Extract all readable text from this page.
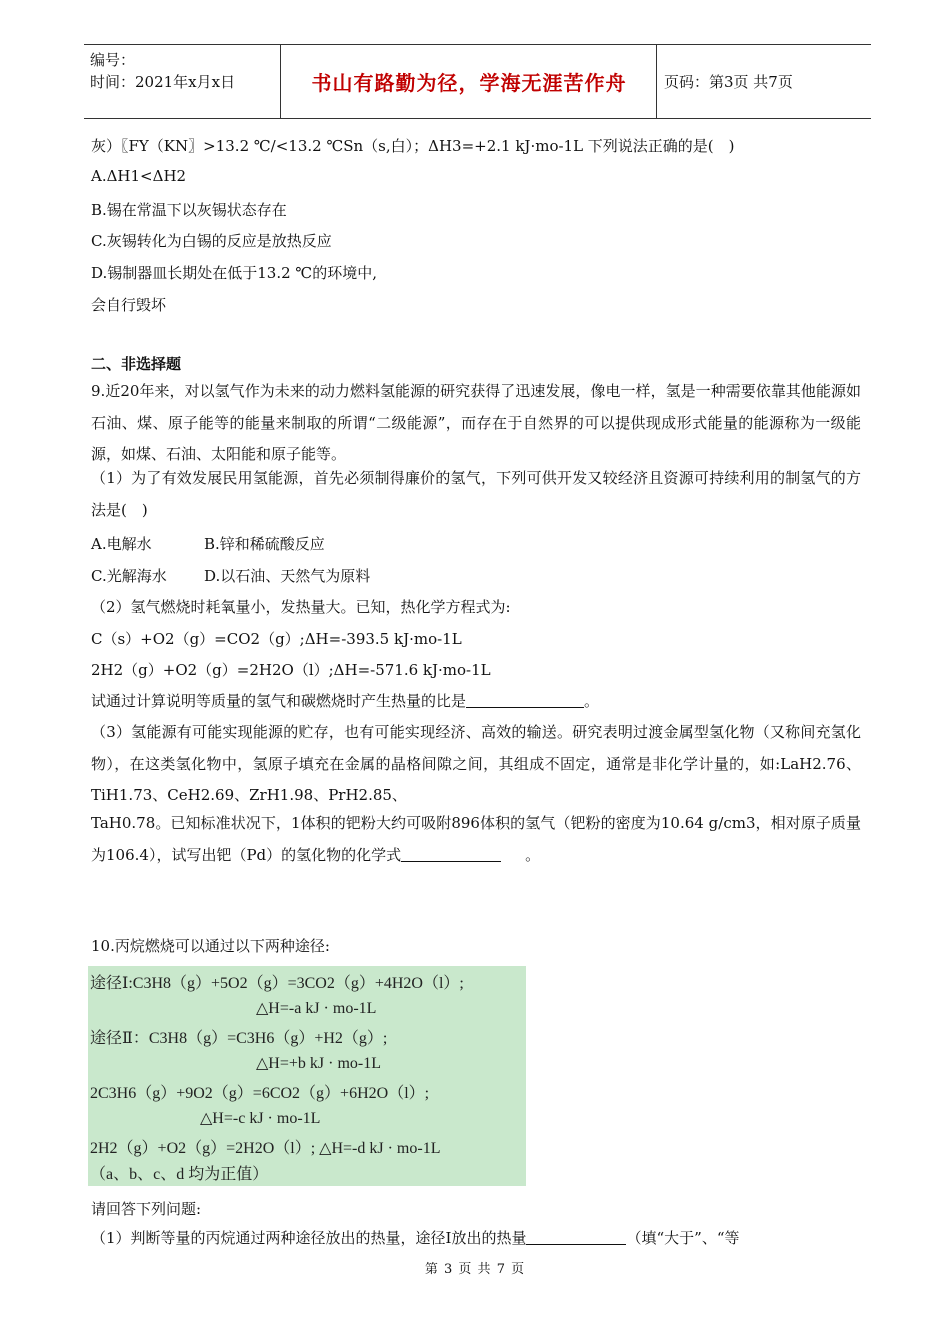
编号：
时间：2021年x月x日	书山有路勤为径，学海无涯苦作舟	页码：第3页 共7页
灰）〖FY（KN〗>13.2 ℃/<13.2 ℃Sn（s,白）；ΔH3=+2.1 kJ·mo-1L 下列说法正确的是(　)
A.ΔH1<ΔH2
B.锡在常温下以灰锡状态存在
C.灰锡转化为白锡的反应是放热反应
D.锡制器皿长期处在低于13.2 ℃的环境中,
会自行毁坏
二、非选择题
9.近20年来，对以氢气作为未来的动力燃料氢能源的研究获得了迅速发展，像电一样，氢是一种需要依靠其他能源如石油、煤、原子能等的能量来制取的所谓“二级能源”，而存在于自然界的可以提供现成形式能量的能源称为一级能源，如煤、石油、太阳能和原子能等。
（1）为了有效发展民用氢能源，首先必须制得廉价的氢气，下列可供开发又较经济且资源可持续利用的制氢气的方法是(　)
A.电解水	B.锌和稀硫酸反应
C.光解海水 D.以石油、天然气为原料
（2）氢气燃烧时耗氧量小，发热量大。已知，热化学方程式为:
C（s）+O2（g）=CO2（g）;ΔH=-393.5 kJ·mo-1L
2H2（g）+O2（g）=2H2O（l）;ΔH=-571.6 kJ·mo-1L
试通过计算说明等质量的氢气和碳燃烧时产生热量的比是	。
（3）氢能源有可能实现能源的贮存，也有可能实现经济、高效的输送。研究表明过渡金属型氢化物（又称间充氢化物），在这类氢化物中，氢原子填充在金属的晶格间隙之间，其组成不固定，通常是非化学计量的，如:LaH2.76、TiH1.73、CeH2.69、ZrH1.98、PrH2.85、
TaH0.78。已知标准状况下，1体积的钯粉大约可吸附896体积的氢气（钯粉的密度为10.64 g/cm3，相对原子质量为106.4），试写出钯（Pd）的氢化物的化学式	。
10.丙烷燃烧可以通过以下两种途径:
途径Ⅰ:C3H8（g）+5O2（g）=3CO2（g）+4H2O（l）;
△H=-a kJ · mo-1L
途径Ⅱ：C3H8（g）=C3H6（g）+H2（g）;
△H=+b kJ · mo-1L
2C3H6（g）+9O2（g）=6CO2（g）+6H2O（l）;
△H=-c kJ · mo-1L
2H2（g）+O2（g）=2H2O（l）; △H=-d kJ · mo-1L
（a、b、c、d 均为正值）
请回答下列问题:
（1）判断等量的丙烷通过两种途径放出的热量，途径Ⅰ放出的热量	（填“大于”、“等
第 3 页 共 7 页
